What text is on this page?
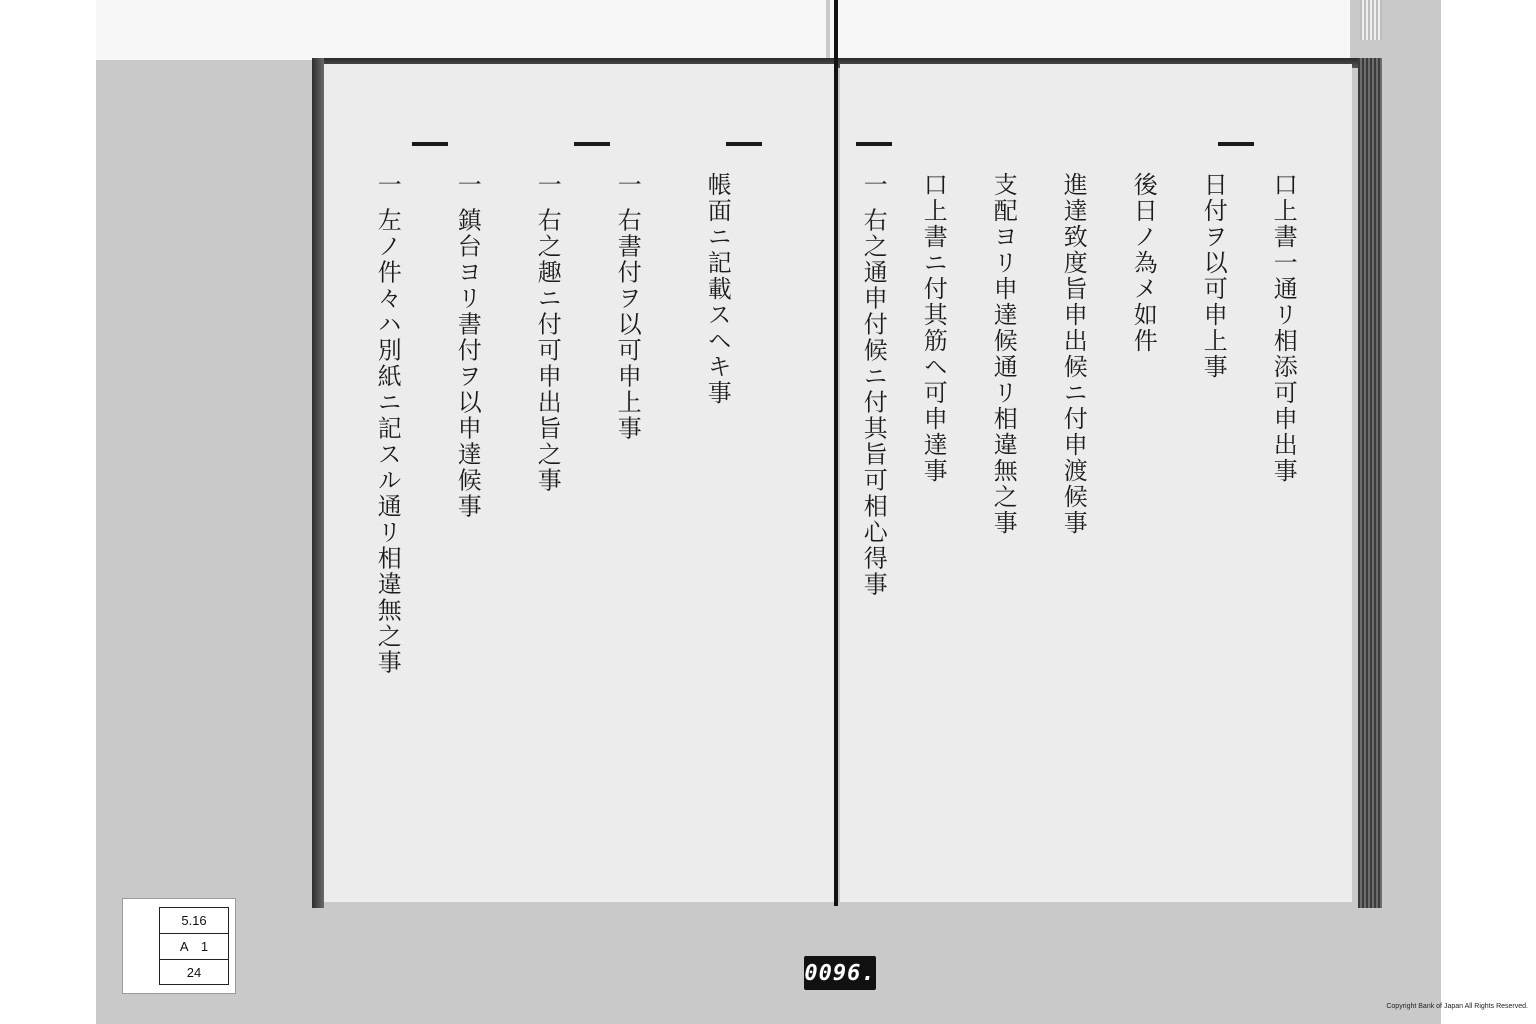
一 左ノ件々ハ別紙ニ記スル通リ相違無之事 一 鎮台ヨリ書付ヲ以申達候事 一 右之趣ニ付可申出旨之事 一 右書付ヲ以可申上事	帳面ニ記載スヘキ事	一 右之通申付候ニ付其旨可相心得事 口上書ニ付其筋ヘ可申達事 支配ヨリ申達候通リ相違無之事 進達致度旨申出候ニ付申渡候事 後日ノ為メ如件 日付ヲ以可申上事 口上書一通リ相添可申出事
5.16
A　1
24	0096.
Copyright Bank of Japan All Rights Reserved.
